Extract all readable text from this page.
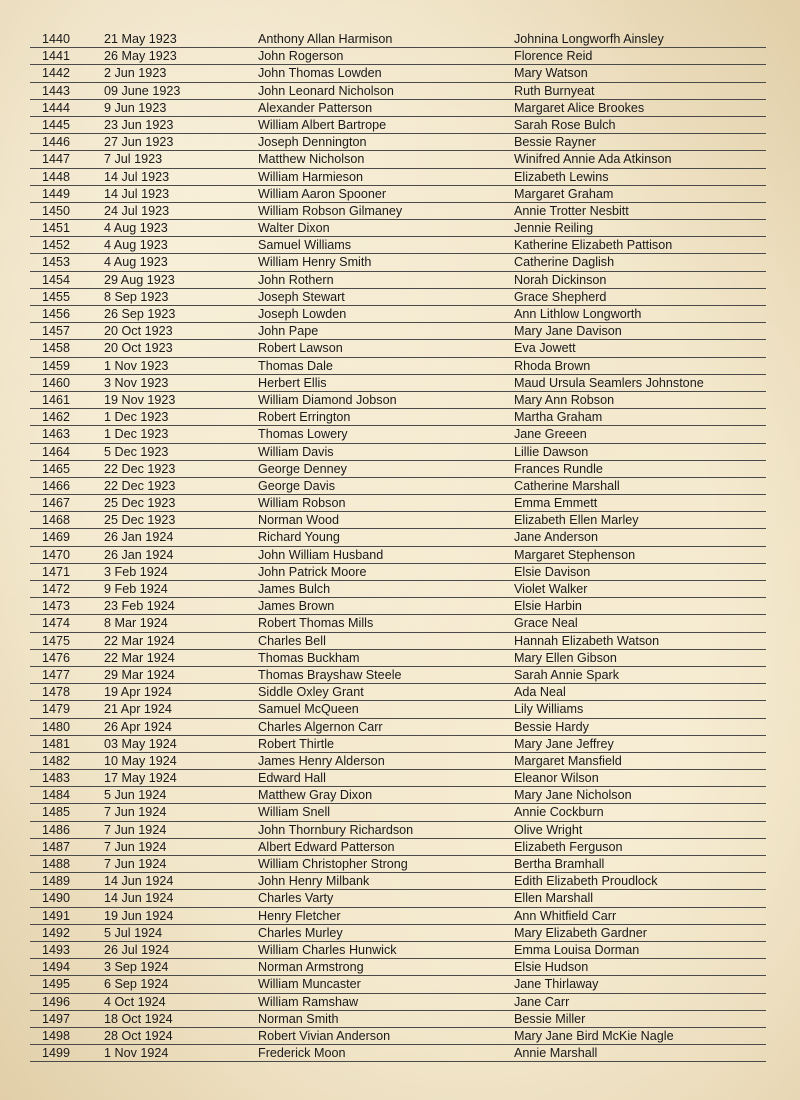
1440	21 May 1923	Anthony Allan Harmison	Johnina Longworfh Ainsley
1441	26 May 1923	John Rogerson	Florence Reid
1442	2 Jun 1923	John Thomas Lowden	Mary Watson
1443	09 June 1923	John Leonard Nicholson	Ruth Burnyeat
1444	9 Jun 1923	Alexander Patterson	Margaret Alice Brookes
1445	23 Jun 1923	William Albert Bartrope	Sarah Rose Bulch
1446	27 Jun 1923	Joseph Dennington	Bessie Rayner
1447	7 Jul 1923	Matthew Nicholson	Winifred Annie Ada Atkinson
1448	14 Jul 1923	William Harmieson	Elizabeth Lewins
1449	14 Jul 1923	William Aaron Spooner	Margaret Graham
1450	24 Jul 1923	William Robson Gilmaney	Annie Trotter Nesbitt
1451	4 Aug 1923	Walter Dixon	Jennie Reiling
1452	4 Aug 1923	Samuel Williams	Katherine Elizabeth Pattison
1453	4 Aug 1923	William Henry Smith	Catherine Daglish
1454	29 Aug 1923	John Rothern	Norah Dickinson
1455	8 Sep 1923	Joseph Stewart	Grace Shepherd
1456	26 Sep 1923	Joseph Lowden	Ann Lithlow Longworth
1457	20 Oct 1923	John Pape	Mary Jane Davison
1458	20 Oct 1923	Robert Lawson	Eva Jowett
1459	1 Nov 1923	Thomas Dale	Rhoda Brown
1460	3 Nov 1923	Herbert Ellis	Maud Ursula Seamlers Johnstone
1461	19 Nov 1923	William Diamond Jobson	Mary Ann Robson
1462	1 Dec 1923	Robert Errington	Martha Graham
1463	1 Dec 1923	Thomas Lowery	Jane Greeen
1464	5 Dec 1923	William Davis	Lillie Dawson
1465	22 Dec 1923	George Denney	Frances Rundle
1466	22 Dec 1923	George Davis	Catherine Marshall
1467	25 Dec 1923	William Robson	Emma Emmett
1468	25 Dec 1923	Norman Wood	Elizabeth Ellen Marley
1469	26 Jan 1924	Richard Young	Jane Anderson
1470	26 Jan 1924	John William Husband	Margaret Stephenson
1471	3 Feb 1924	John Patrick Moore	Elsie Davison
1472	9 Feb 1924	James Bulch	Violet Walker
1473	23 Feb 1924	James Brown	Elsie Harbin
1474	8 Mar 1924	Robert Thomas Mills	Grace Neal
1475	22 Mar 1924	Charles Bell	Hannah Elizabeth Watson
1476	22 Mar 1924	Thomas Buckham	Mary Ellen Gibson
1477	29 Mar 1924	Thomas Brayshaw Steele	Sarah Annie Spark
1478	19 Apr 1924	Siddle Oxley Grant	Ada Neal
1479	21 Apr 1924	Samuel McQueen	Lily Williams
1480	26 Apr 1924	Charles Algernon Carr	Bessie Hardy
1481	03 May 1924	Robert Thirtle	Mary Jane Jeffrey
1482	10 May 1924	James Henry Alderson	Margaret Mansfield
1483	17 May 1924	Edward Hall	Eleanor Wilson
1484	5 Jun 1924	Matthew Gray Dixon	Mary Jane Nicholson
1485	7 Jun 1924	William Snell	Annie Cockburn
1486	7 Jun 1924	John Thornbury Richardson	Olive Wright
1487	7 Jun 1924	Albert Edward Patterson	Elizabeth Ferguson
1488	7 Jun 1924	William Christopher Strong	Bertha Bramhall
1489	14 Jun 1924	John Henry Milbank	Edith Elizabeth Proudlock
1490	14 Jun 1924	Charles Varty	Ellen Marshall
1491	19 Jun 1924	Henry Fletcher	Ann Whitfield Carr
1492	5 Jul 1924	Charles Murley	Mary Elizabeth Gardner
1493	26 Jul 1924	William Charles Hunwick	Emma Louisa Dorman
1494	3 Sep 1924	Norman Armstrong	Elsie Hudson
1495	6 Sep 1924	William Muncaster	Jane Thirlaway
1496	4 Oct 1924	William Ramshaw	Jane Carr
1497	18 Oct 1924	Norman Smith	Bessie Miller
1498	28 Oct 1924	Robert Vivian Anderson	Mary Jane Bird McKie Nagle
1499	1 Nov 1924	Frederick Moon	Annie Marshall
